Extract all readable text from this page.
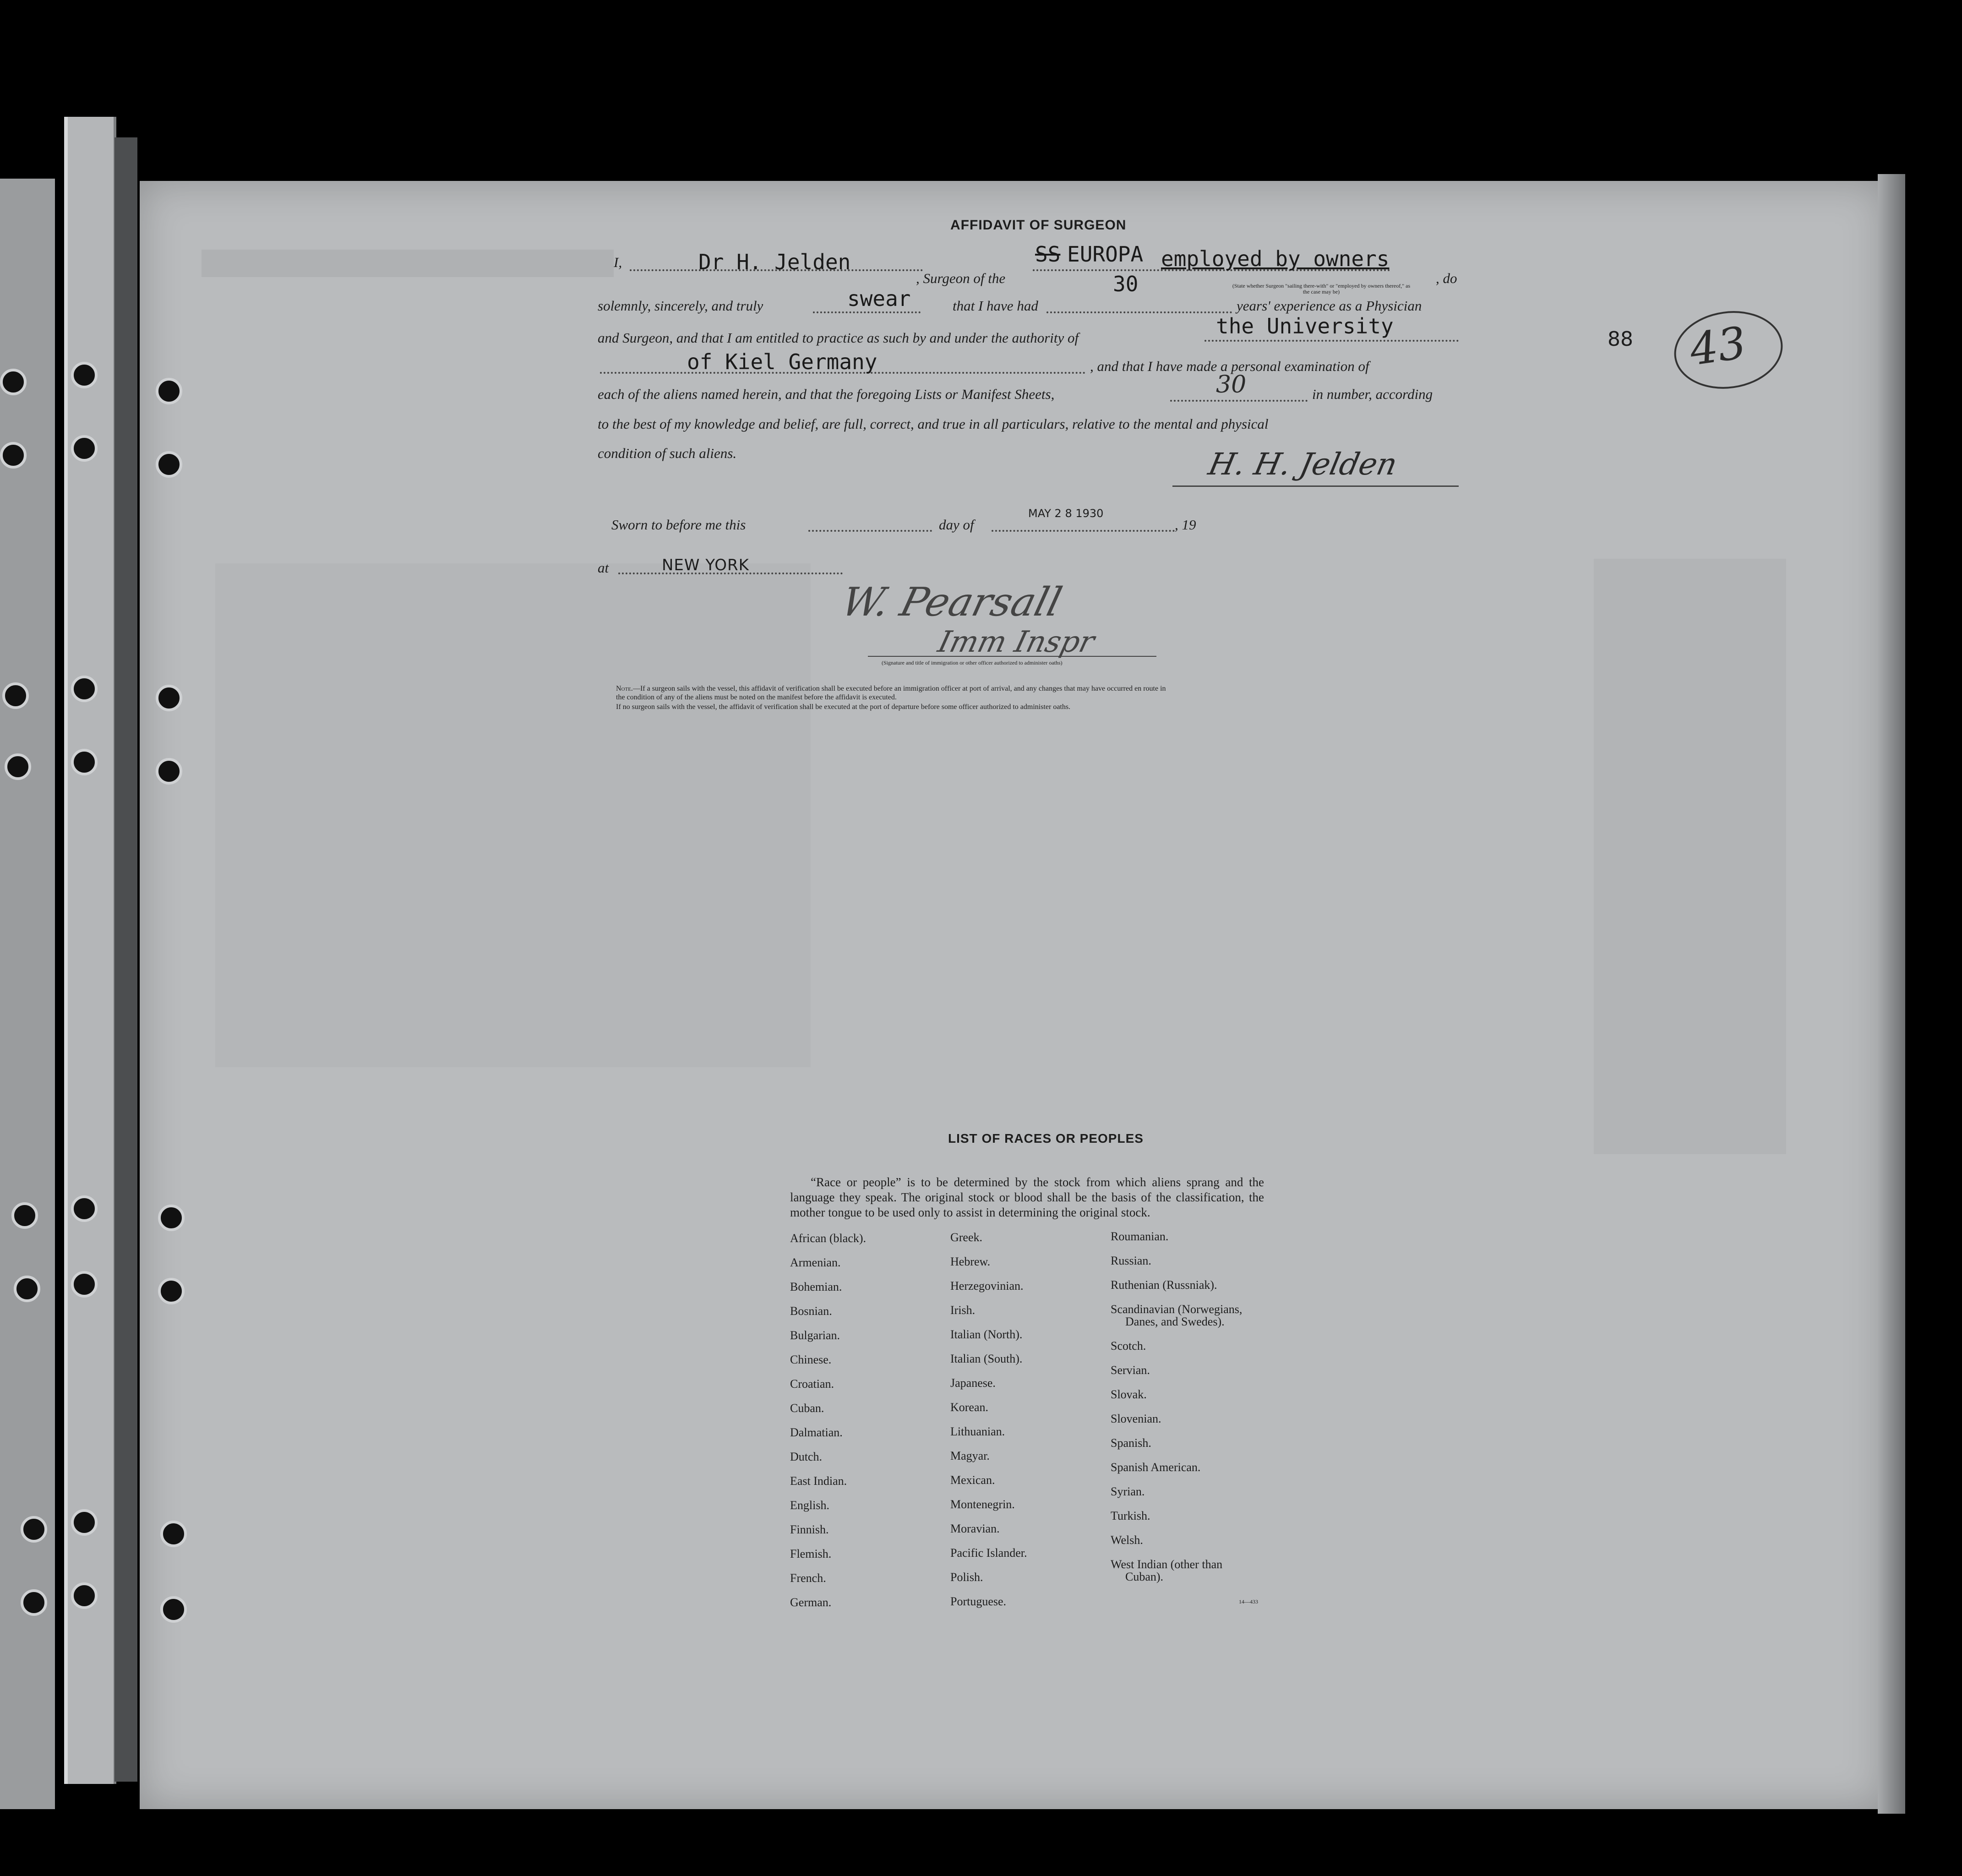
AFFIDAVIT OF SURGEON
I,	Dr H. Jelden
, Surgeon of the
SS EUROPA employed by owners
, do
(State whether Surgeon "sailing there-with" or "employed by owners thereof," as the case may be)
solemnly, sincerely, and truly	swear	that I have had
30
years' experience as a Physician
and Surgeon, and that I am entitled to practice as such by and under the authority of	the University
of Kiel Germany	, and that I have made a personal examination of
each of the aliens named herein, and that the foregoing Lists or Manifest Sheets,	30	in number, according
to the best of my knowledge and belief, are full, correct, and true in all particulars, relative to the mental and physical
condition of such aliens.	H. H. Jelden
Sworn to before me this	day of
MAY 2 8 1930
, 19
at	NEW YORK
W. Pearsall
Imm Inspr
(Signature and title of immigration or other officer authorized to administer oaths)
Note.—If a surgeon sails with the vessel, this affidavit of verification shall be executed before an immigration officer at port of arrival, and any changes that may have occurred en route in
the condition of any of the aliens must be noted on the manifest before the affidavit is executed.
If no surgeon sails with the vessel, the affidavit of verification shall be executed at the port of departure before some officer authorized to administer oaths.
88 43
LIST OF RACES OR PEOPLES
“Race or people” is to be determined by the stock from which aliens sprang and the language they speak. The original stock or blood shall be the basis of the classification, the mother tongue to be used only to assist in determining the original stock.
African (black).
Armenian.
Bohemian.
Bosnian.
Bulgarian.
Chinese.
Croatian.
Cuban.
Dalmatian.
Dutch.
East Indian.
English.
Finnish.
Flemish.
French.
German.
Greek.
Hebrew.
Herzegovinian.
Irish.
Italian (North).
Italian (South).
Japanese.
Korean.
Lithuanian.
Magyar.
Mexican.
Montenegrin.
Moravian.
Pacific Islander.
Polish.
Portuguese.
Roumanian.
Russian.
Ruthenian (Russniak).
Scandinavian (Norwegians,
Danes, and Swedes).
Scotch.
Servian.
Slovak.
Slovenian.
Spanish.
Spanish American.
Syrian.
Turkish.
Welsh.
West Indian (other than
Cuban).
14—433
